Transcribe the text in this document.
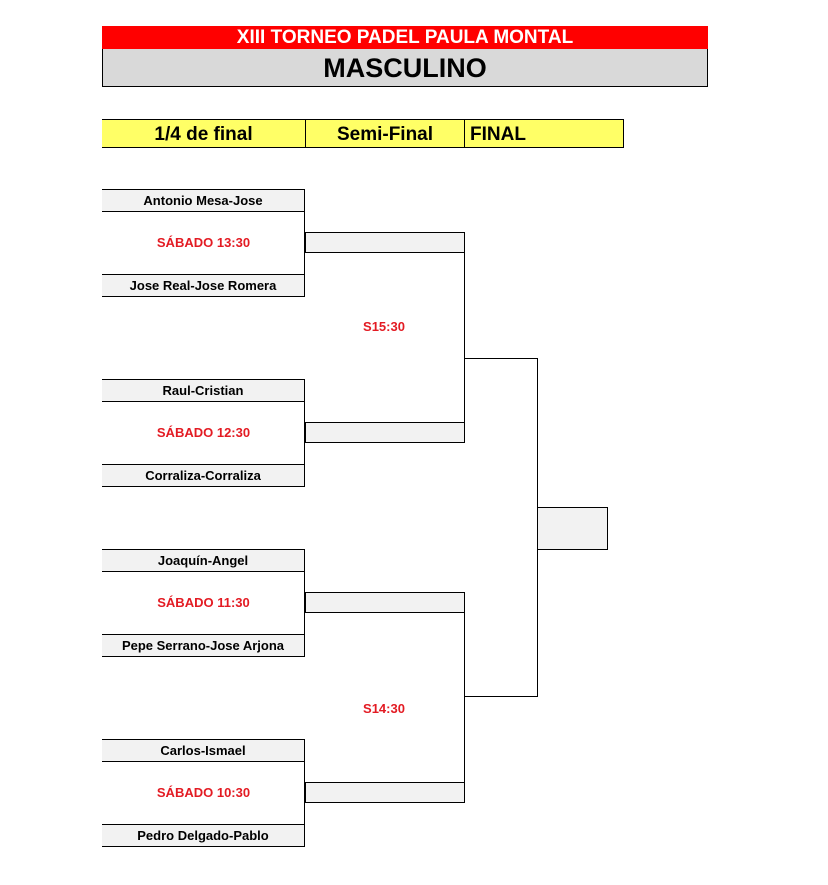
XIII TORNEO PADEL PAULA MONTAL
MASCULINO
1/4 de final	Semi-Final	FINAL
Antonio Mesa-Jose
SÁBADO 13:30
Jose Real-Jose Romera
Raul-Cristian
SÁBADO 12:30
Corraliza-Corraliza
Joaquín-Angel
SÁBADO 11:30
Pepe Serrano-Jose Arjona
Carlos-Ismael
SÁBADO 10:30
Pedro Delgado-Pablo
S15:30
S14:30
